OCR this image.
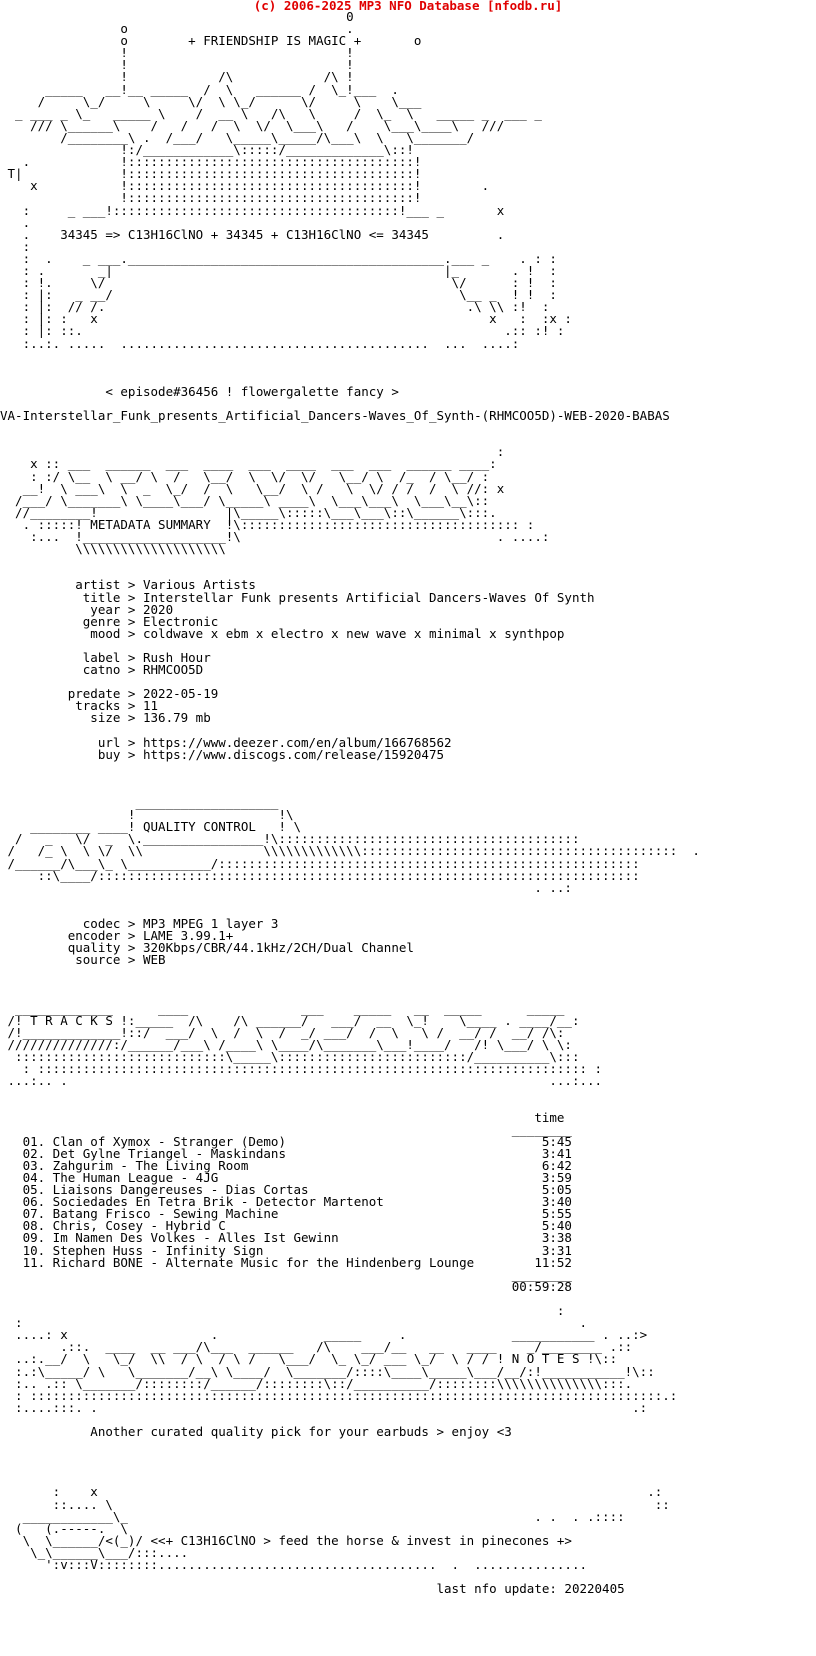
(c) 2006-2025 MP3 NFO Database [nfodb.ru]
0
o                             .
o        + FRIENDSHIP IS MAGIC +       o
!                             !
!                             !
!            /\            /\ !
_____   __!__ _____  /  \   ______ /  \_!___  .
/     \_/     \     \/  \ \_/      \/     \    \___
_ ___ _ \_   _____ \    /  __ \   /\   \     /  \_  \   _____ _  ___ _
/// \______\    /   /   /  \  \/  \___\   /    \___\____\   ///
/________\ .  /___/   \_____\_____/\___\  \   \_______/
!:/____________\:::::/_____________\::!
.            !::::::::::::::::::::::::::::::::::::::!
T|             !::::::::::::::::::::::::::::::::::::::!
x           !::::::::::::::::::::::::::::::::::::::!        .
!::::::::::::::::::::::::::::::::::::::!
:     _ ___!::::::::::::::::::::::::::::::::::::::!___ _       x
.
.    34345 => C13H16ClNO + 34345 + C13H16ClNO <= 34345         .
:
:  .    _ ___.__________________________________________.___ _    . : :
: .       _|                                            |_       . !  :
: !.     \/                                              \/      : !  :
: |:   _ __/                                              \__ _  ! !  :
: |:  // /.                                                .\ \\ :!  :
: |: :   x                                                    x   :  :x :
: |: ::.                                                        .:: :! :
:..:. .....  .........................................  ...  ....:

< episode#36456 ! flowergalette fancy >

VA-Interstellar_Funk_presents_Artificial_Dancers-Waves_Of_Synth-(RHMCOO5D)-WEB-2020-BABAS

:
x :: ___  ______  ___  ____  ___  ____  ___  ___  ______ ____:
: :/ \__  \ __/ \  /   \__/  \  \/  \/   \__/ \  /_  / \__/ :
__!  \ ___\  \  _  \_/  /  \   \__/  \ /   \  \/ / /  /  \ //: x
/___/ \_______\ \____\___/ \_____\ ____\  \___\___\  \___\__\::
//________!                 |\_____\:::::\___\___\::\______\:::.
. :::::! METADATA SUMMARY  !\::::::::::::::::::::::::::::::::::::: :
:...  !___________________!\                                  . ....:
\\\\\\\\\\\\\\\\\\\\

artist > Various Artists
title > Interstellar Funk presents Artificial Dancers-Waves Of Synth
year > 2020
genre > Electronic
mood > coldwave x ebm x electro x new wave x minimal x synthpop

label > Rush Hour
catno > RHMCOO5D

predate > 2022-05-19
tracks > 11
size > 136.79 mb

url > https://www.deezer.com/en/album/166768562
buy > https://www.discogs.com/release/15920475

___________________
!                   !\
________ ____! QUALITY CONTROL   ! \
/   _   \/  _  \.________________!\::::::::::::::::::::::::::::::::::::::::
/   /_ \  \ \/  \\                \\\\\\\\\\\\\::::::::::::::::::::::::::::::::::::::::::  .
/______/\___\_ \___________/::::::::::::::::::::::::::::::::::::::::::::::::::::::::
::\____/::::::::::::::::::::::::::::::::::::::::::::::::::::::::::::::::::::::::
. ..:

codec > MP3 MPEG 1 layer 3
encoder > LAME 3.99.1+
quality > 320Kbps/CBR/44.1kHz/2CH/Dual Channel
source > WEB

_____________      ____               ___    _____   __  _____      _____
/! T R A C K S !:_____  /\    /\ ______/   ___/  __  \_!    \____ . ____/__:
/!_____________!::/  ___/  \  /  \  /  _/ ___/  /  \   \ /  __/ /  __/ /\:
//////////////:/______/___\ /____\ \____/\_______\___!____/   /! \___/ \ \:
::::::::::::::::::::::::::::\_____\:::::::::::::::::::::::::/__________\:::
: ::::::::::::::::::::::::::::::::::::::::::::::::::::::::::::::::::::::::: :
...:.. .                                                                ...:...

time
________
01. Clan of Xymox - Stranger (Demo)                                  5:45
02. Det Gylne Triangel - Maskindans                                  3:41
03. Zahgurim - The Living Room                                       6:42
04. The Human League - 4JG                                           3:59
05. Liaisons Dangereuses - Dias Cortas                               5:05
06. Sociedades En Tetra Brik - Detector Martenot                     3:40
07. Batang Frisco - Sewing Machine                                   5:55
08. Chris, Cosey - Hybrid C                                          5:40
09. Im Namen Des Volkes - Alles Ist Gewinn                           3:38
10. Stephen Huss - Infinity Sign                                     3:31
11. Richard BONE - Alternate Music for the Hindenberg Lounge        11:52
________
00:59:28

:
:                                                                          .
....: x                   .              _____     .              ___________ . ..:>
.::.  ____  __ ___/\___  ______   /\    ___/__   __   ____    _/________ .::
..:.__/  \   \_/  \\  / \  / \ /   \___/  \_ \_/ ___ \_/  \ / / ! N O T E S !\::
:.:\_____/ \   \_______/__\ \____/  \_______/::::\____\_____\___/__/:!___________!\::
:.. .:: \_______/::::::::/______/::::::::\::/__________/::::::::\\\\\\\\\\\\\\:::.
: ::::::::::::::::::::::::::::::::::::::::::::::::::::::::::::::::::::::::::::::::::::.:
:....:::. .                                                                       .:

Another curated quality pick for your earbuds > enjoy <3

:    x                                                                         .:
::.... \                                                                        ::
____________\_                                                      . .  . .::::
(   (.-----.  \
\  \______/<(_)/ <<+ C13H16ClNO > feed the horse & invest in pinecones +>
\_\______\___/:::....
':v:::V::::::::.....................................  .  ...............

last nfo update: 20220405
